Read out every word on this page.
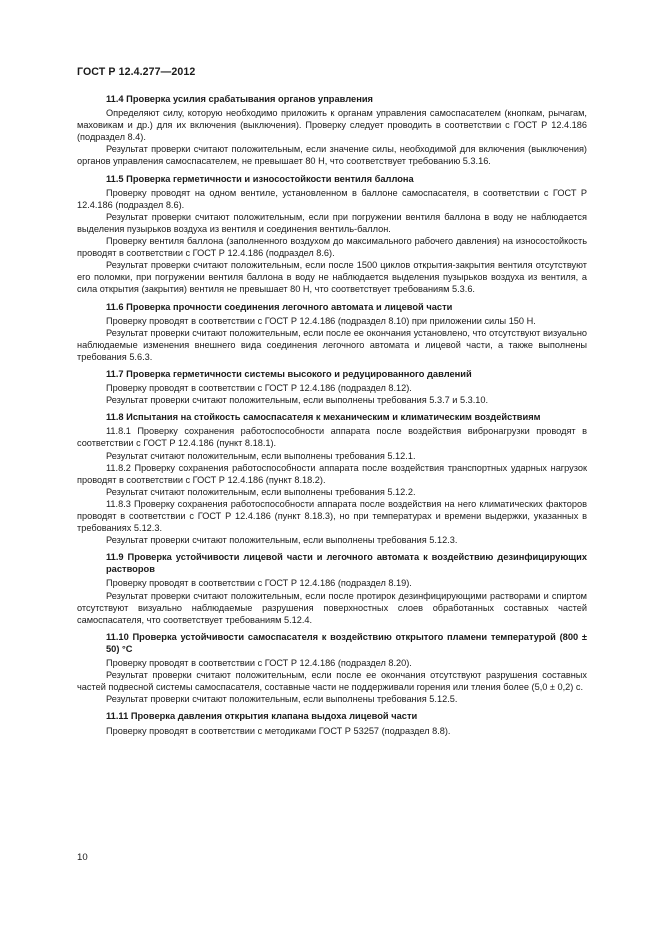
ГОСТ Р 12.4.277—2012
11.4 Проверка усилия срабатывания органов управления

Определяют силу, которую необходимо приложить к органам управления самоспасателем (кнопкам, рычагам, маховикам и др.) для их включения (выключения). Проверку следует проводить в соответствии с ГОСТ Р 12.4.186 (подраздел 8.4).

Результат проверки считают положительным, если значение силы, необходимой для включения (выключения) органов управления самоспасателем, не превышает 80 Н, что соответствует требованию 5.3.16.

11.5 Проверка герметичности и износостойкости вентиля баллона

Проверку проводят на одном вентиле, установленном в баллоне самоспасателя, в соответствии с ГОСТ Р 12.4.186 (подраздел 8.6).

Результат проверки считают положительным, если при погружении вентиля баллона в воду не наблюдается выделения пузырьков воздуха из вентиля и соединения вентиль-баллон.

Проверку вентиля баллона (заполненного воздухом до максимального рабочего давления) на износостойкость проводят в соответствии с ГОСТ Р 12.4.186 (подраздел 8.6).

Результат проверки считают положительным, если после 1500 циклов открытия-закрытия вентиля отсутствуют его поломки, при погружении вентиля баллона в воду не наблюдается выделения пузырьков воздуха из вентиля, а сила открытия (закрытия) вентиля не превышает 80 Н, что соответствует требованиям 5.3.6.

11.6 Проверка прочности соединения легочного автомата и лицевой части

Проверку проводят в соответствии с ГОСТ Р 12.4.186 (подраздел 8.10) при приложении силы 150 Н.

Результат проверки считают положительным, если после ее окончания установлено, что отсутствуют визуально наблюдаемые изменения внешнего вида соединения легочного автомата и лицевой части, а также выполнены требования 5.6.3.

11.7 Проверка герметичности системы высокого и редуцированного давлений

Проверку проводят в соответствии с ГОСТ Р 12.4.186 (подраздел 8.12).

Результат проверки считают положительным, если выполнены требования 5.3.7 и 5.3.10.

11.8 Испытания на стойкость самоспасателя к механическим и климатическим воздействиям

11.8.1 Проверку сохранения работоспособности аппарата после воздействия вибронагрузки проводят в соответствии с ГОСТ Р 12.4.186 (пункт 8.18.1).

Результат считают положительным, если выполнены требования 5.12.1.

11.8.2 Проверку сохранения работоспособности аппарата после воздействия транспортных ударных нагрузок проводят в соответствии с ГОСТ Р 12.4.186 (пункт 8.18.2).

Результат считают положительным, если выполнены требования 5.12.2.

11.8.3 Проверку сохранения работоспособности аппарата после воздействия на него климатических факторов проводят в соответствии с ГОСТ Р 12.4.186 (пункт 8.18.3), но при температурах и времени выдержки, указанных в требованиях 5.12.3.

Результат проверки считают положительным, если выполнены требования 5.12.3.

11.9 Проверка устойчивости лицевой части и легочного автомата к воздействию дезинфицирующих растворов

Проверку проводят в соответствии с ГОСТ Р 12.4.186 (подраздел 8.19).

Результат проверки считают положительным, если после протирок дезинфицирующими растворами и спиртом отсутствуют визуально наблюдаемые разрушения поверхностных слоев обработанных составных частей самоспасателя, что соответствует требованиям 5.12.4.

11.10 Проверка устойчивости самоспасателя к воздействию открытого пламени температурой (800 ± 50) °С

Проверку проводят в соответствии с ГОСТ Р 12.4.186 (подраздел 8.20).

Результат проверки считают положительным, если после ее окончания отсутствуют разрушения составных частей подвесной системы самоспасателя, составные части не поддерживали горения или тления более (5,0 ± 0,2) с.

Результат проверки считают положительным, если выполнены требования 5.12.5.

11.11 Проверка давления открытия клапана выдоха лицевой части

Проверку проводят в соответствии с методиками ГОСТ Р 53257 (подраздел 8.8).

10
